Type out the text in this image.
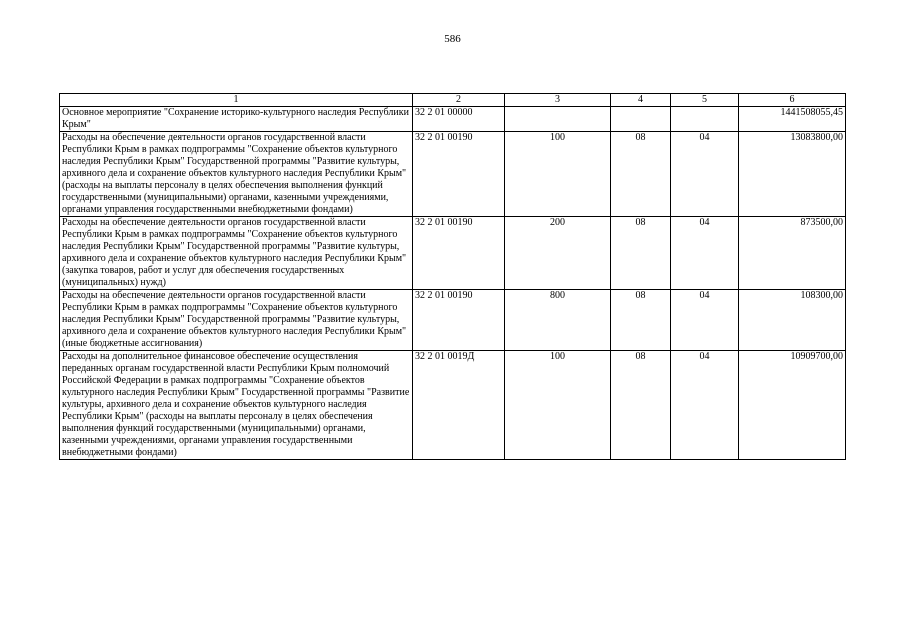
586
1	2	3	4	5	6
Основное мероприятие "Сохранение историко-культурного наследия Республики Крым"	32 2 01 00000				1441508055,45
Расходы на обеспечение деятельности органов государственной власти Республики Крым в рамках подпрограммы "Сохранение объектов культурного наследия Республики Крым" Государственной программы "Развитие культуры, архивного дела и сохранение объектов культурного наследия Республики Крым" (расходы на выплаты персоналу в целях обеспечения выполнения функций государственными (муниципальными) органами, казенными учреждениями, органами управления государственными внебюджетными фондами)	32 2 01 00190	100	08	04	13083800,00
Расходы на обеспечение деятельности органов государственной власти Республики Крым в рамках подпрограммы "Сохранение объектов культурного наследия Республики Крым" Государственной программы "Развитие культуры, архивного дела и сохранение объектов культурного наследия Республики Крым" (закупка товаров, работ и услуг для обеспечения государственных (муниципальных) нужд)	32 2 01 00190	200	08	04	873500,00
Расходы на обеспечение деятельности органов государственной власти Республики Крым в рамках подпрограммы "Сохранение объектов культурного наследия Республики Крым" Государственной программы "Развитие культуры, архивного дела и сохранение объектов культурного наследия Республики Крым" (иные бюджетные ассигнования)	32 2 01 00190	800	08	04	108300,00
Расходы на дополнительное финансовое обеспечение осуществления переданных органам государственной власти Республики Крым полномочий Российской Федерации в рамках подпрограммы "Сохранение объектов культурного наследия Республики Крым" Государственной программы "Развитие культуры, архивного дела и сохранение объектов культурного наследия Республики Крым" (расходы на выплаты персоналу в целях обеспечения выполнения функций государственными (муниципальными) органами, казенными учреждениями, органами управления государственными внебюджетными фондами)	32 2 01 0019Д	100	08	04	10909700,00
